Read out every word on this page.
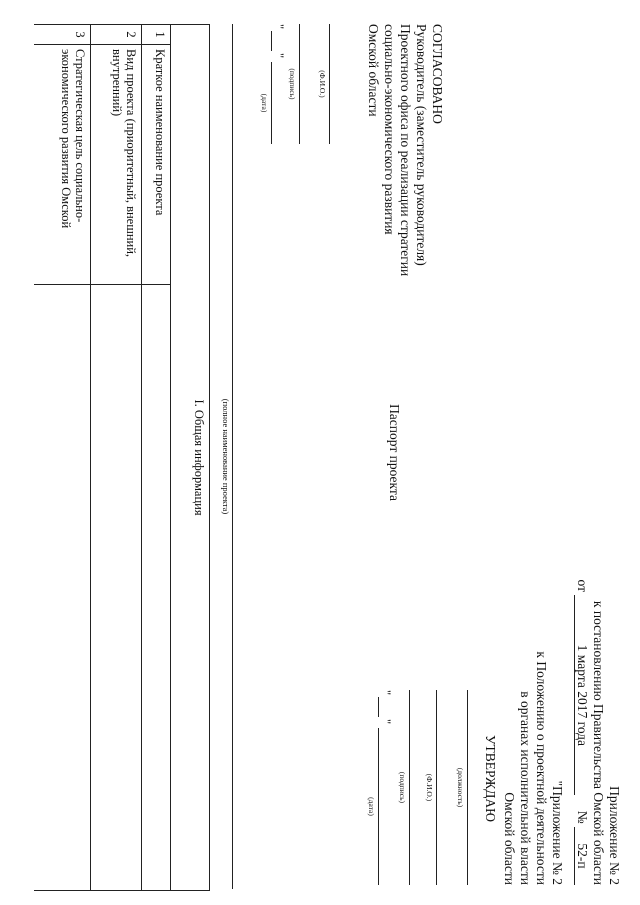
Приложение № 2
к постановлению Правительства Омской области
от 1 марта 2017 года № 52-п
"Приложение № 2
к Положению о проектной деятельности
в органах исполнительной власти
Омской области
УТВЕРЖДАЮ
(должность)
(Ф.И.О.)
(подпись)
"
"
(дата)
СОГЛАСОВАНО
Руководитель (заместитель руководителя)
Проектного офиса по реализации стратегии
социально-экономического развития
Омской области
(Ф.И.О.)
(подпись)
"
"
(дата)
Паспорт проекта
(полное наименование проекта)
I. Общая информация		
1	Краткое наименование проекта	
2	Вид проекта (приоритетный, внешний, внутренний)	
3	Стратегическая цель социально-экономического развития Омской	
